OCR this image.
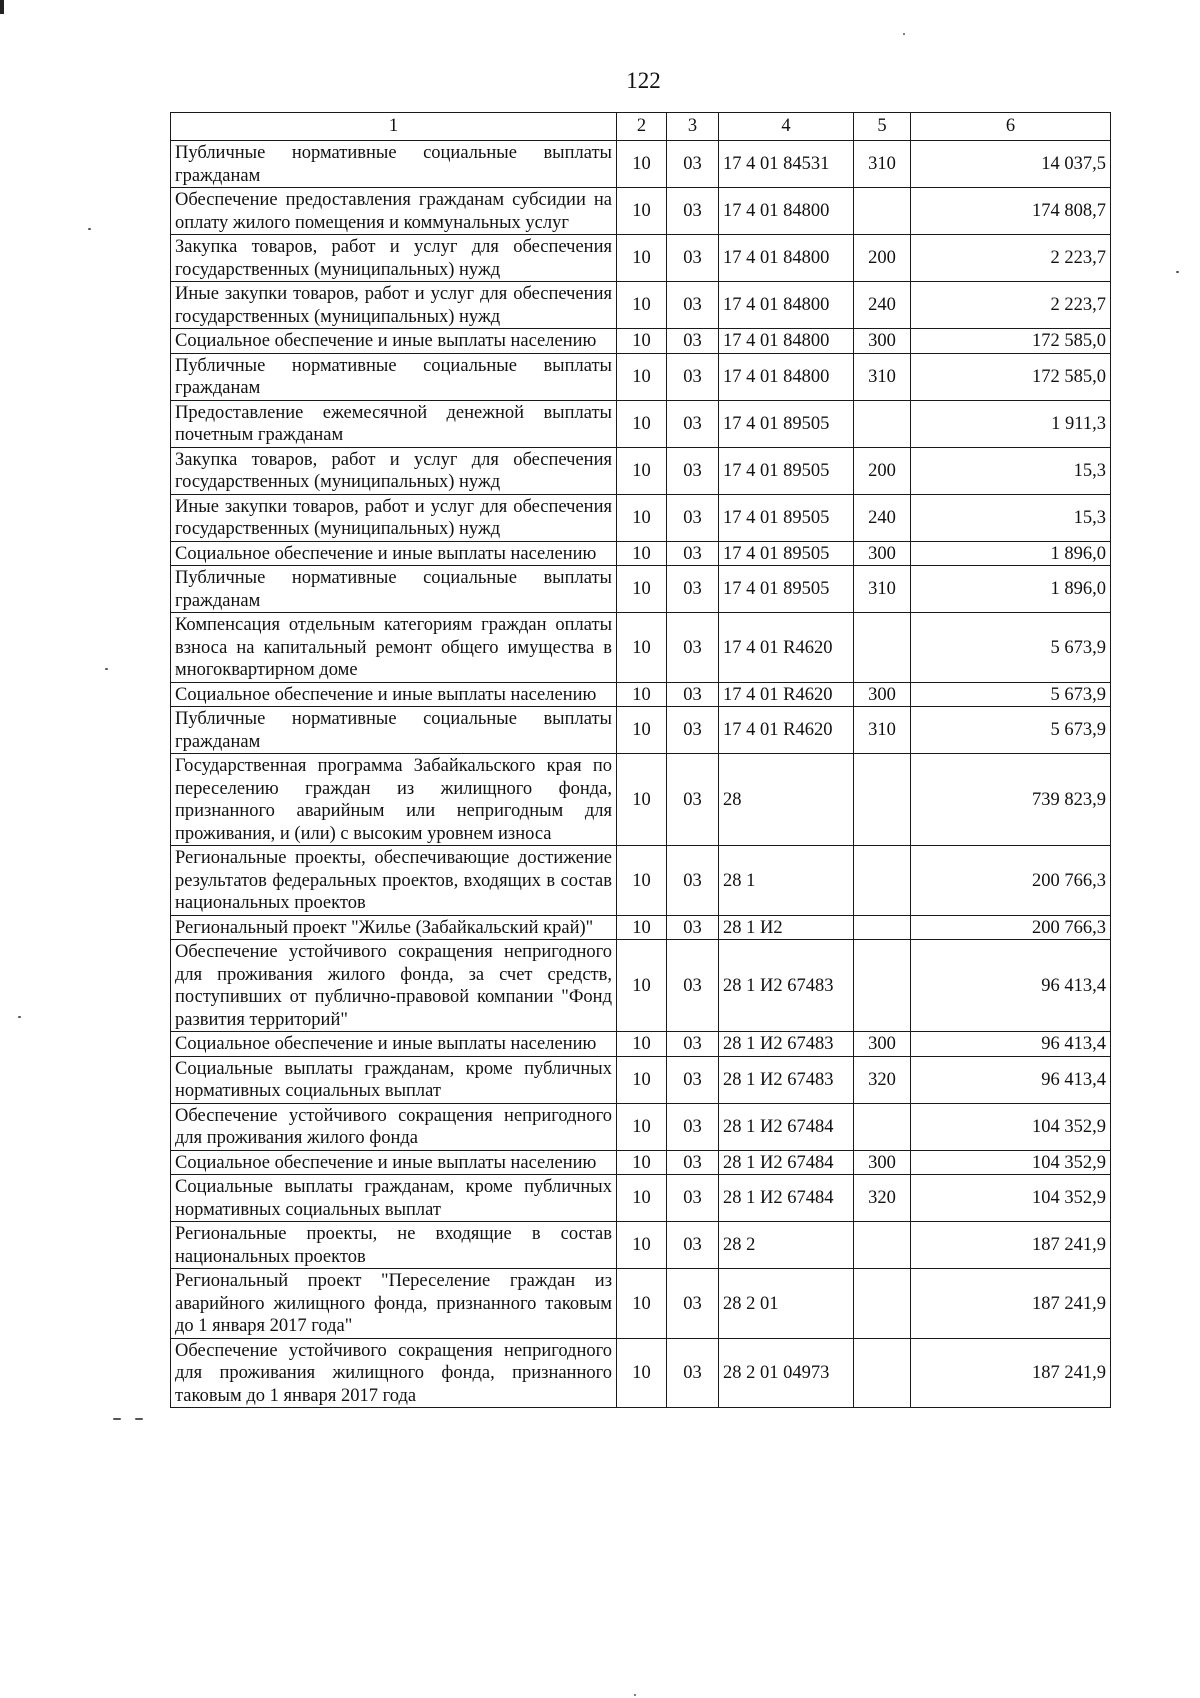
122
1	2	3	4	5	6
Публичные нормативные социальные выплаты гражданам	10	03	17 4 01 84531	310	14 037,5
Обеспечение предоставления гражданам субсидии на оплату жилого помещения и коммунальных услуг	10	03	17 4 01 84800		174 808,7
Закупка товаров, работ и услуг для обеспечения государственных (муниципальных) нужд	10	03	17 4 01 84800	200	2 223,7
Иные закупки товаров, работ и услуг для обеспечения государственных (муниципальных) нужд	10	03	17 4 01 84800	240	2 223,7
Социальное обеспечение и иные выплаты населению	10	03	17 4 01 84800	300	172 585,0
Публичные нормативные социальные выплаты гражданам	10	03	17 4 01 84800	310	172 585,0
Предоставление ежемесячной денежной выплаты почетным гражданам	10	03	17 4 01 89505		1 911,3
Закупка товаров, работ и услуг для обеспечения государственных (муниципальных) нужд	10	03	17 4 01 89505	200	15,3
Иные закупки товаров, работ и услуг для обеспечения государственных (муниципальных) нужд	10	03	17 4 01 89505	240	15,3
Социальное обеспечение и иные выплаты населению	10	03	17 4 01 89505	300	1 896,0
Публичные нормативные социальные выплаты гражданам	10	03	17 4 01 89505	310	1 896,0
Компенсация отдельным категориям граждан оплаты взноса на капитальный ремонт общего имущества в многоквартирном доме	10	03	17 4 01 R4620		5 673,9
Социальное обеспечение и иные выплаты населению	10	03	17 4 01 R4620	300	5 673,9
Публичные нормативные социальные выплаты гражданам	10	03	17 4 01 R4620	310	5 673,9
Государственная программа Забайкальского края по переселению граждан из жилищного фонда, признанного аварийным или непригодным для проживания, и (или) с высоким уровнем износа	10	03	28		739 823,9
Региональные проекты, обеспечивающие достижение результатов федеральных проектов, входящих в состав национальных проектов	10	03	28 1		200 766,3
Региональный проект "Жилье (Забайкальский край)"	10	03	28 1 И2		200 766,3
Обеспечение устойчивого сокращения непригодного для проживания жилого фонда, за счет средств, поступивших от публично-правовой компании "Фонд развития территорий"	10	03	28 1 И2 67483		96 413,4
Социальное обеспечение и иные выплаты населению	10	03	28 1 И2 67483	300	96 413,4
Социальные выплаты гражданам, кроме публичных нормативных социальных выплат	10	03	28 1 И2 67483	320	96 413,4
Обеспечение устойчивого сокращения непригодного для проживания жилого фонда	10	03	28 1 И2 67484		104 352,9
Социальное обеспечение и иные выплаты населению	10	03	28 1 И2 67484	300	104 352,9
Социальные выплаты гражданам, кроме публичных нормативных социальных выплат	10	03	28 1 И2 67484	320	104 352,9
Региональные проекты, не входящие в состав национальных проектов	10	03	28 2		187 241,9
Региональный проект "Переселение граждан из аварийного жилищного фонда, признанного таковым до 1 января 2017 года"	10	03	28 2 01		187 241,9
Обеспечение устойчивого сокращения непригодного для проживания жилищного фонда, признанного таковым до 1 января 2017 года	10	03	28 2 01 04973		187 241,9
